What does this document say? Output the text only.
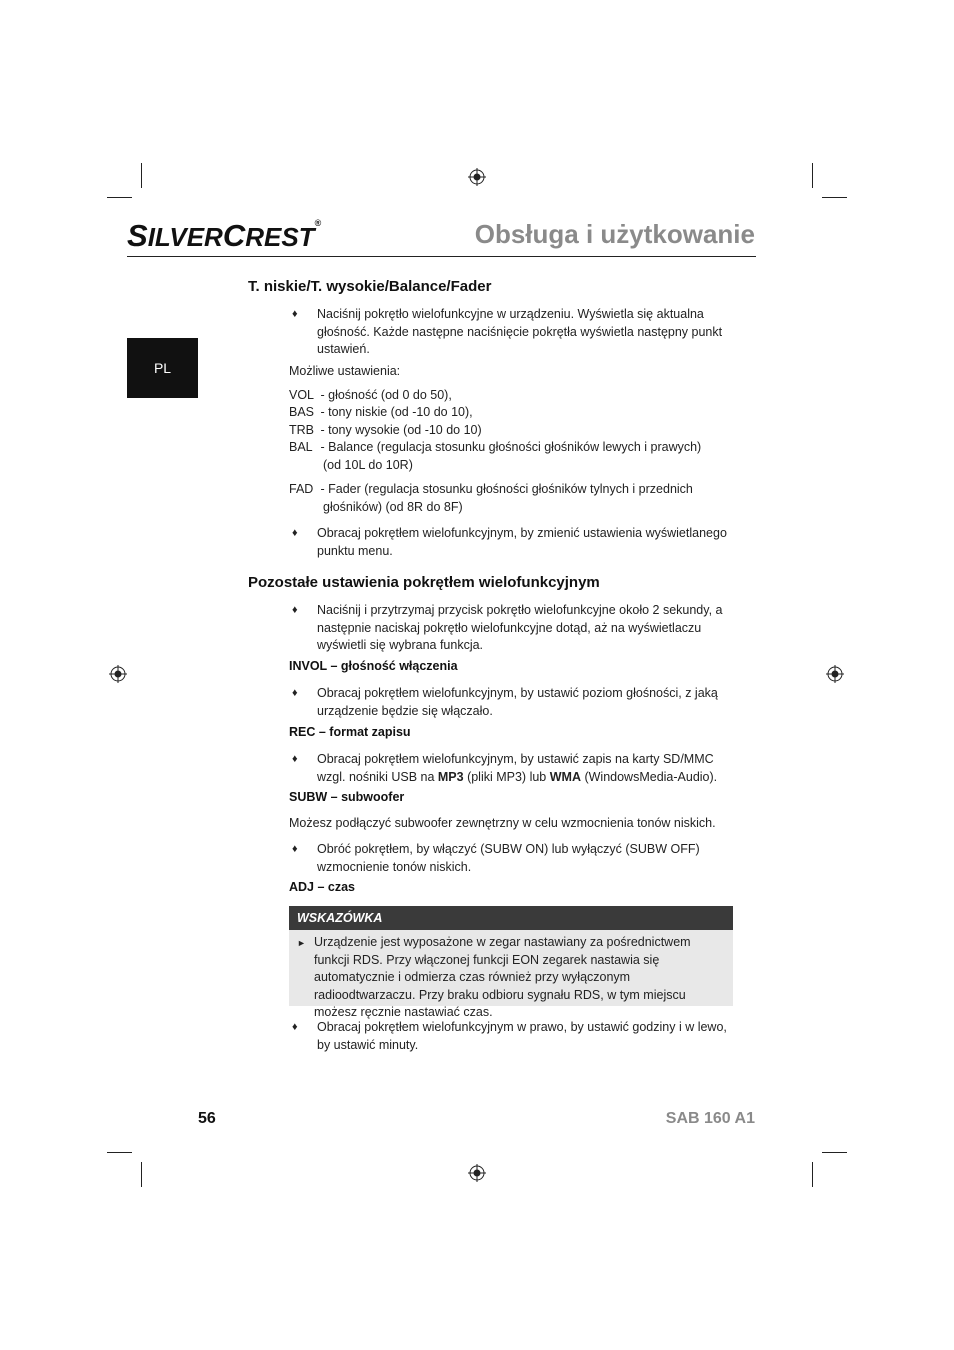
SILVERCREST®	Obsługa i użytkowanie
PL
T. niskie/T. wysokie/Balance/Fader
♦ Naciśnij pokrętło wielofunkcyjne w urządzeniu. Wyświetla się aktualna głośność. Każde następne naciśnięcie pokrętła wyświetla następny punkt ustawień.
Możliwe ustawienia:
VOL - głośność (od 0 do 50),
BAS - tony niskie (od -10 do 10),
TRB - tony wysokie (od -10 do 10)
BAL - Balance (regulacja stosunku głośności głośników lewych i prawych)
(od 10L do 10R)
FAD - Fader (regulacja stosunku głośności głośników tylnych i przednich
głośników) (od 8R do 8F)
♦ Obracaj pokrętłem wielofunkcyjnym, by zmienić ustawienia wyświetlanego punktu menu.
Pozostałe ustawienia pokrętłem wielofunkcyjnym
♦ Naciśnij i przytrzymaj przycisk pokrętło wielofunkcyjne około 2 sekundy, a następnie naciskaj pokrętło wielofunkcyjne dotąd, aż na wyświetlaczu wyświetli się wybrana funkcja.
INVOL – głośność włączenia
♦ Obracaj pokrętłem wielofunkcyjnym, by ustawić poziom głośności, z jaką urządzenie będzie się włączało.
REC – format zapisu
♦ Obracaj pokrętłem wielofunkcyjnym, by ustawić zapis na karty SD/MMC wzgl. nośniki USB na MP3 (pliki MP3) lub WMA (WindowsMedia-Audio).
SUBW – subwoofer
Możesz podłączyć subwoofer zewnętrzny w celu wzmocnienia tonów niskich.
♦ Obróć pokrętłem, by włączyć (SUBW ON) lub wyłączyć (SUBW OFF) wzmocnienie tonów niskich.
ADJ – czas
WSKAZÓWKA
► Urządzenie jest wyposażone w zegar nastawiany za pośrednictwem funkcji RDS. Przy włączonej funkcji EON zegarek nastawia się automatycznie i odmierza czas również przy wyłączonym radioodtwarzaczu. Przy braku odbioru sygnału RDS, w tym miejscu możesz ręcznie nastawiać czas.
♦ Obracaj pokrętłem wielofunkcyjnym w prawo, by ustawić godziny i w lewo, by ustawić minuty.
56	SAB 160 A1
